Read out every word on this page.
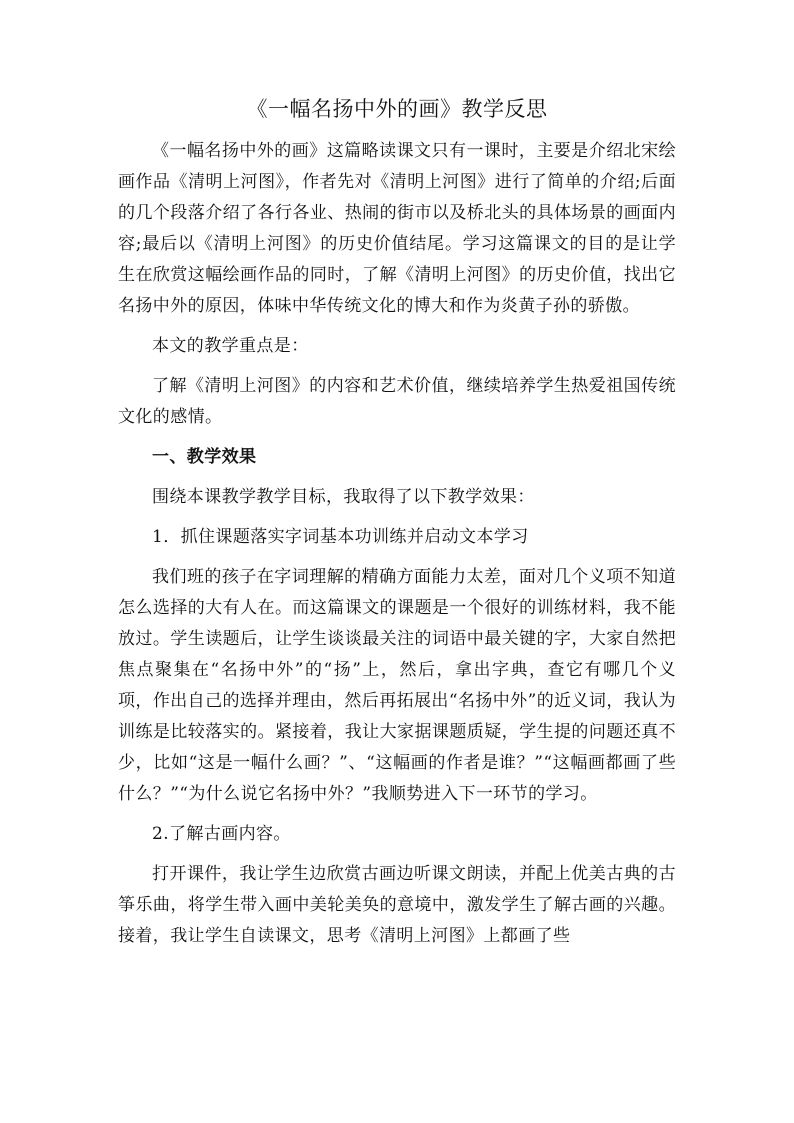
《一幅名扬中外的画》教学反思

《一幅名扬中外的画》这篇略读课文只有一课时，主要是介绍北宋绘画作品《清明上河图》，作者先对《清明上河图》进行了简单的介绍;后面的几个段落介绍了各行各业、热闹的街市以及桥北头的具体场景的画面内容;最后以《清明上河图》的历史价值结尾。学习这篇课文的目的是让学生在欣赏这幅绘画作品的同时，了解《清明上河图》的历史价值，找出它名扬中外的原因，体味中华传统文化的博大和作为炎黄子孙的骄傲。

本文的教学重点是：

了解《清明上河图》的内容和艺术价值，继续培养学生热爱祖国传统文化的感情。

一、教学效果

围绕本课教学教学目标，我取得了以下教学效果：

1．抓住课题落实字词基本功训练并启动文本学习

我们班的孩子在字词理解的精确方面能力太差，面对几个义项不知道怎么选择的大有人在。而这篇课文的课题是一个很好的训练材料，我不能放过。学生读题后，让学生谈谈最关注的词语中最关键的字，大家自然把焦点聚集在“名扬中外”的“扬”上，然后，拿出字典，查它有哪几个义项，作出自己的选择并理由，然后再拓展出“名扬中外”的近义词，我认为训练是比较落实的。紧接着，我让大家据课题质疑，学生提的问题还真不少，比如“这是一幅什么画？”、“这幅画的作者是谁？”“这幅画都画了些什么？”“为什么说它名扬中外？”我顺势进入下一环节的学习。

2.了解古画内容。

打开课件，我让学生边欣赏古画边听课文朗读，并配上优美古典的古筝乐曲，将学生带入画中美轮美奂的意境中，激发学生了解古画的兴趣。接着，我让学生自读课文，思考《清明上河图》上都画了些
